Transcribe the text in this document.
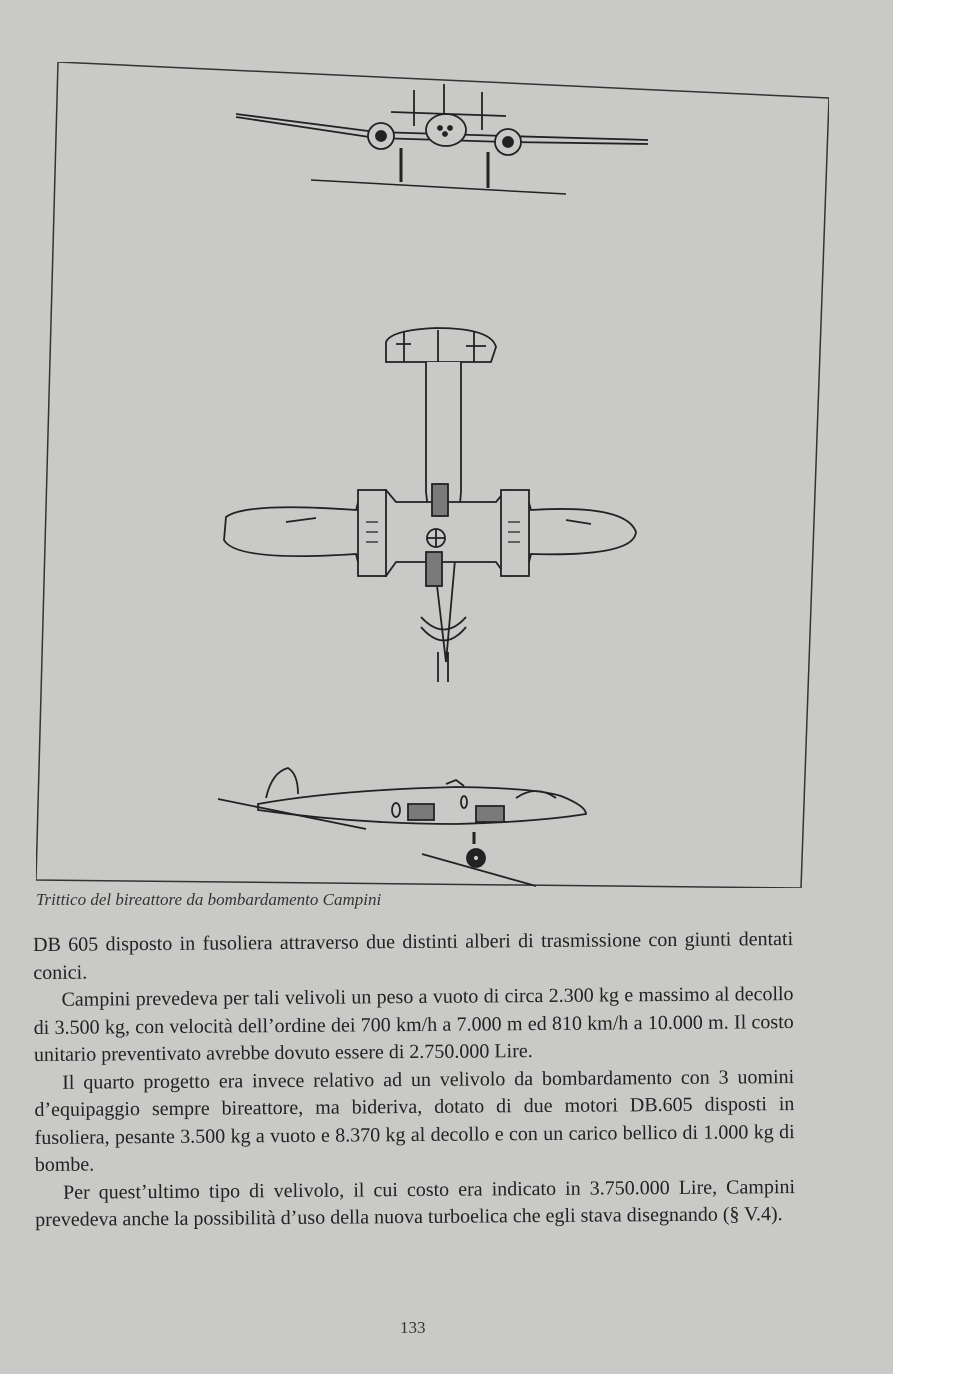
Trittico del bireattore da bombardamento Campini

DB 605 disposto in fusoliera attraverso due distinti alberi di trasmissione con giunti dentati conici.

Campini prevedeva per tali velivoli un peso a vuoto di circa 2.300 kg e massimo al decollo di 3.500 kg, con velocità dell’ordine dei 700 km/h a 7.000 m ed 810 km/h a 10.000 m. Il costo unitario preventivato avrebbe dovuto essere di 2.750.000 Lire.

Il quarto progetto era invece relativo ad un velivolo da bombardamento con 3 uomini d’equipaggio sempre bireattore, ma bideriva, dotato di due motori DB.605 disposti in fusoliera, pesante 3.500 kg a vuoto e 8.370 kg al decollo e con un carico bellico di 1.000 kg di bombe.

Per quest’ultimo tipo di velivolo, il cui costo era indicato in 3.750.000 Lire, Campini prevedeva anche la possibilità d’uso della nuova turboelica che egli stava disegnando (§ V.4).

133
